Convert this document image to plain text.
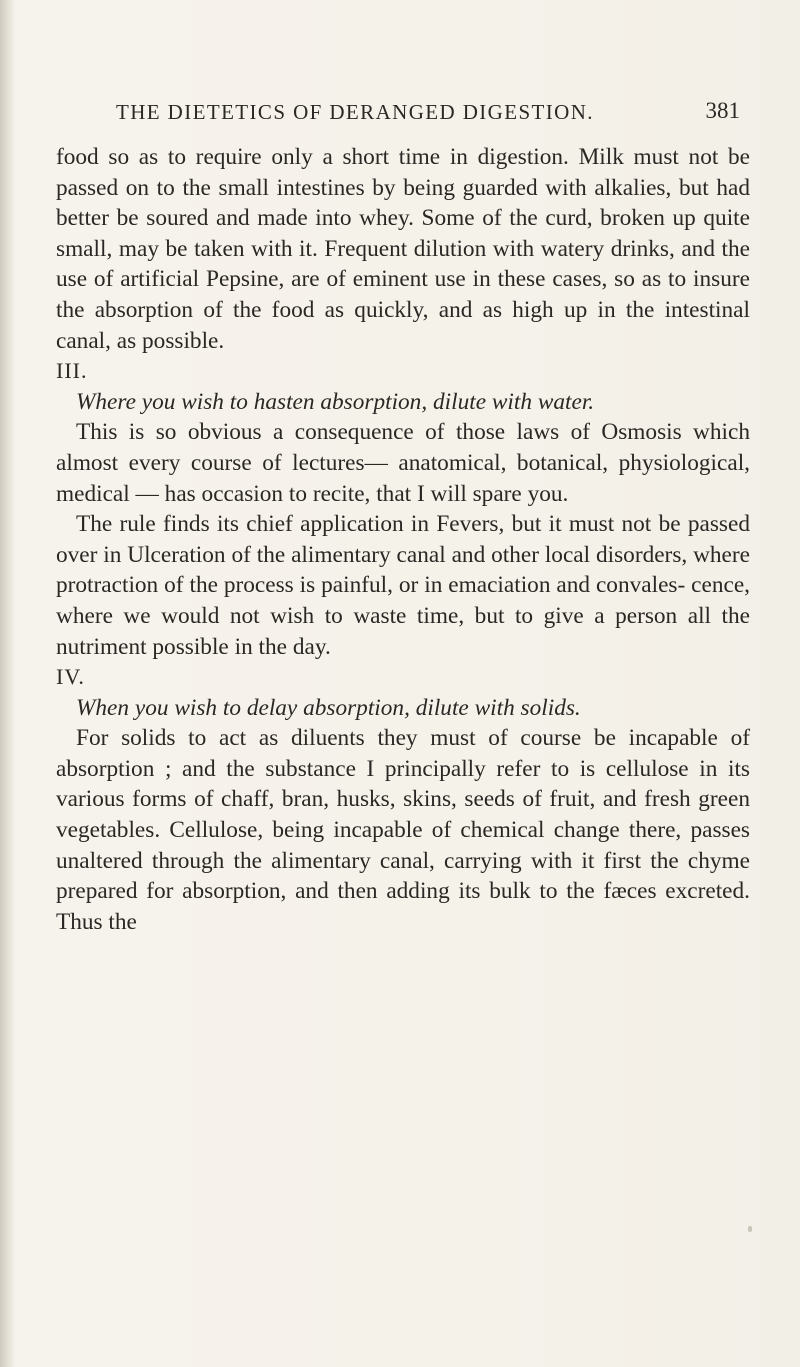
THE DIETETICS OF DERANGED DIGESTION.	381

food so as to require only a short time in digestion. Milk must not be passed on to the small intestines by being guarded with alkalies, but had better be soured and made into whey. Some of the curd, broken up quite small, may be taken with it. Frequent dilution with watery drinks, and the use of artificial Pepsine, are of eminent use in these cases, so as to insure the absorption of the food as quickly, and as high up in the intestinal canal, as possible.

III.

Where you wish to hasten absorption, dilute with water.

This is so obvious a consequence of those laws of Osmosis which almost every course of lectures— anatomical, botanical, physiological, medical — has occasion to recite, that I will spare you.

The rule finds its chief application in Fevers, but it must not be passed over in Ulceration of the alimentary canal and other local disorders, where protraction of the process is painful, or in emaciation and convales- cence, where we would not wish to waste time, but to give a person all the nutriment possible in the day.

IV.

When you wish to delay absorption, dilute with solids.

For solids to act as diluents they must of course be incapable of absorption ; and the substance I principally refer to is cellulose in its various forms of chaff, bran, husks, skins, seeds of fruit, and fresh green vegetables. Cellulose, being incapable of chemical change there, passes unaltered through the alimentary canal, carrying with it first the chyme prepared for absorption, and then adding its bulk to the fæces excreted. Thus the
